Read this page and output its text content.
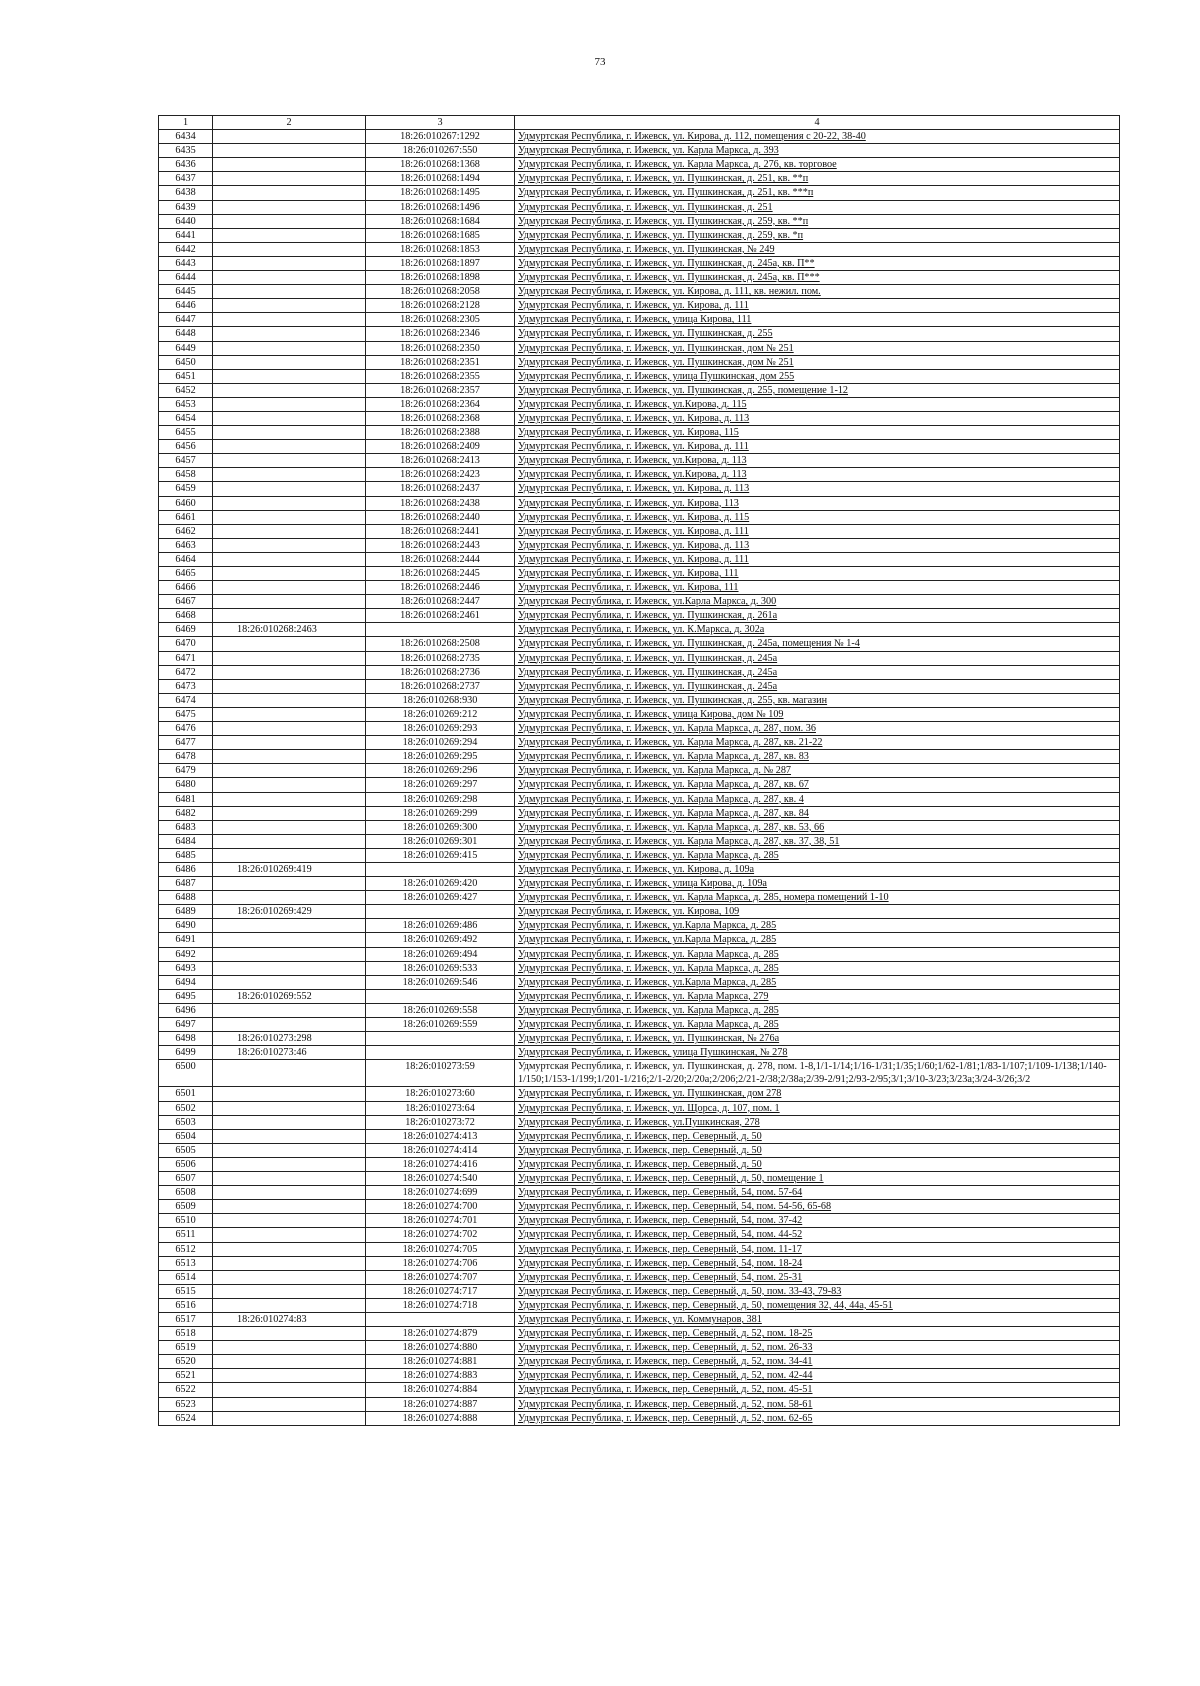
73
1	2	3	4
6434		18:26:010267:1292	Удмуртская Республика, г. Ижевск, ул. Кирова, д. 112, помещения с 20-22, 38-40
6435		18:26:010267:550	Удмуртская Республика, г. Ижевск, ул. Карла Маркса, д. 393
6436		18:26:010268:1368	Удмуртская Республика, г. Ижевск, ул. Карла Маркса, д. 276, кв. торговое
6437		18:26:010268:1494	Удмуртская Республика, г. Ижевск, ул. Пушкинская, д. 251, кв. **п
6438		18:26:010268:1495	Удмуртская Республика, г. Ижевск, ул. Пушкинская, д. 251, кв. ***п
6439		18:26:010268:1496	Удмуртская Республика, г. Ижевск, ул. Пушкинская, д. 251
6440		18:26:010268:1684	Удмуртская Республика, г. Ижевск, ул. Пушкинская, д. 259, кв. **п
6441		18:26:010268:1685	Удмуртская Республика, г. Ижевск, ул. Пушкинская, д. 259, кв. *п
6442		18:26:010268:1853	Удмуртская Республика, г. Ижевск, ул. Пушкинская, № 249
6443		18:26:010268:1897	Удмуртская Республика, г. Ижевск, ул. Пушкинская, д. 245а, кв. П**
6444		18:26:010268:1898	Удмуртская Республика, г. Ижевск, ул. Пушкинская, д. 245а, кв. П***
6445		18:26:010268:2058	Удмуртская Республика, г. Ижевск, ул. Кирова, д. 111, кв. нежил. пом.
6446		18:26:010268:2128	Удмуртская Республика, г. Ижевск, ул. Кирова, д. 111
6447		18:26:010268:2305	Удмуртская Республика, г. Ижевск, улица Кирова, 111
6448		18:26:010268:2346	Удмуртская Республика, г. Ижевск, ул. Пушкинская, д. 255
6449		18:26:010268:2350	Удмуртская Республика, г. Ижевск, ул. Пушкинская, дом № 251
6450		18:26:010268:2351	Удмуртская Республика, г. Ижевск, ул. Пушкинская, дом № 251
6451		18:26:010268:2355	Удмуртская Республика, г. Ижевск, улица Пушкинская, дом 255
6452		18:26:010268:2357	Удмуртская Республика, г. Ижевск, ул. Пушкинская, д. 255, помещение 1-12
6453		18:26:010268:2364	Удмуртская Республика, г. Ижевск, ул.Кирова, д. 115
6454		18:26:010268:2368	Удмуртская Республика, г. Ижевск, ул. Кирова, д. 113
6455		18:26:010268:2388	Удмуртская Республика, г. Ижевск, ул. Кирова, 115
6456		18:26:010268:2409	Удмуртская Республика, г. Ижевск, ул. Кирова, д. 111
6457		18:26:010268:2413	Удмуртская Республика, г. Ижевск, ул.Кирова, д. 113
6458		18:26:010268:2423	Удмуртская Республика, г. Ижевск, ул.Кирова, д. 113
6459		18:26:010268:2437	Удмуртская Республика, г. Ижевск, ул. Кирова, д. 113
6460		18:26:010268:2438	Удмуртская Республика, г. Ижевск, ул. Кирова, 113
6461		18:26:010268:2440	Удмуртская Республика, г. Ижевск, ул. Кирова, д. 115
6462		18:26:010268:2441	Удмуртская Республика, г. Ижевск, ул. Кирова, д. 111
6463		18:26:010268:2443	Удмуртская Республика, г. Ижевск, ул. Кирова, д. 113
6464		18:26:010268:2444	Удмуртская Республика, г. Ижевск, ул. Кирова, д. 111
6465		18:26:010268:2445	Удмуртская Республика, г. Ижевск, ул. Кирова, 111
6466		18:26:010268:2446	Удмуртская Республика, г. Ижевск, ул. Кирова, 111
6467		18:26:010268:2447	Удмуртская Республика, г. Ижевск, ул.Карла Маркса, д. 300
6468		18:26:010268:2461	Удмуртская Республика, г. Ижевск, ул. Пушкинская, д. 261а
6469	18:26:010268:2463		Удмуртская Республика, г. Ижевск, ул. К.Маркса, д. 302а
6470		18:26:010268:2508	Удмуртская Республика, г. Ижевск, ул. Пушкинская, д. 245а, помещения № 1-4
6471		18:26:010268:2735	Удмуртская Республика, г. Ижевск, ул. Пушкинская, д. 245а
6472		18:26:010268:2736	Удмуртская Республика, г. Ижевск, ул. Пушкинская, д. 245а
6473		18:26:010268:2737	Удмуртская Республика, г. Ижевск, ул. Пушкинская, д. 245а
6474		18:26:010268:930	Удмуртская Республика, г. Ижевск, ул. Пушкинская, д. 255, кв. магазин
6475		18:26:010269:212	Удмуртская Республика, г. Ижевск, улица Кирова, дом № 109
6476		18:26:010269:293	Удмуртская Республика, г. Ижевск, ул. Карла Маркса, д. 287, пом. 36
6477		18:26:010269:294	Удмуртская Республика, г. Ижевск, ул. Карла Маркса, д. 287, кв. 21-22
6478		18:26:010269:295	Удмуртская Республика, г. Ижевск, ул. Карла Маркса, д. 287, кв. 83
6479		18:26:010269:296	Удмуртская Республика, г. Ижевск, ул. Карла Маркса, д. № 287
6480		18:26:010269:297	Удмуртская Республика, г. Ижевск, ул. Карла Маркса, д. 287, кв. 67
6481		18:26:010269:298	Удмуртская Республика, г. Ижевск, ул. Карла Маркса, д. 287, кв. 4
6482		18:26:010269:299	Удмуртская Республика, г. Ижевск, ул. Карла Маркса, д. 287, кв. 84
6483		18:26:010269:300	Удмуртская Республика, г. Ижевск, ул. Карла Маркса, д. 287, кв. 53, 66
6484		18:26:010269:301	Удмуртская Республика, г. Ижевск, ул. Карла Маркса, д. 287, кв. 37, 38, 51
6485		18:26:010269:415	Удмуртская Республика, г. Ижевск, ул. Карла Маркса, д. 285
6486	18:26:010269:419		Удмуртская Республика, г. Ижевск, ул. Кирова, д. 109а
6487		18:26:010269:420	Удмуртская Республика, г. Ижевск, улица Кирова, д. 109а
6488		18:26:010269:427	Удмуртская Республика, г. Ижевск, ул. Карла Маркса, д. 285, номера помещений 1-10
6489	18:26:010269:429		Удмуртская Республика, г. Ижевск, ул. Кирова, 109
6490		18:26:010269:486	Удмуртская Республика, г. Ижевск, ул.Карла Маркса, д. 285
6491		18:26:010269:492	Удмуртская Республика, г. Ижевск, ул.Карла Маркса, д. 285
6492		18:26:010269:494	Удмуртская Республика, г. Ижевск, ул. Карла Маркса, д. 285
6493		18:26:010269:533	Удмуртская Республика, г. Ижевск, ул. Карла Маркса, д. 285
6494		18:26:010269:546	Удмуртская Республика, г. Ижевск, ул.Карла Маркса, д. 285
6495	18:26:010269:552		Удмуртская Республика, г. Ижевск, ул. Карла Маркса, 279
6496		18:26:010269:558	Удмуртская Республика, г. Ижевск, ул. Карла Маркса, д. 285
6497		18:26:010269:559	Удмуртская Республика, г. Ижевск, ул. Карла Маркса, д. 285
6498	18:26:010273:298		Удмуртская Республика, г. Ижевск, ул. Пушкинская, № 276а
6499	18:26:010273:46		Удмуртская Республика, г. Ижевск, улица Пушкинская, № 278
6500		18:26:010273:59	Удмуртская Республика, г. Ижевск, ул. Пушкинская, д. 278, пом. 1-8,1/1-1/14;1/16-1/31;1/35;1/60;1/62-1/81;1/83-1/107;1/109-1/138;1/140-1/150;1/153-1/199;1/201-1/216;2/1-2/20;2/20а;2/206;2/21-2/38;2/38а;2/39-2/91;2/93-2/95;3/1;3/10-3/23;3/23а;3/24-3/26;3/2
6501		18:26:010273:60	Удмуртская Республика, г. Ижевск, ул. Пушкинская, дом 278
6502		18:26:010273:64	Удмуртская Республика, г. Ижевск, ул. Щорса, д. 107, пом. 1
6503		18:26:010273:72	Удмуртская Республика, г. Ижевск, ул.Пушкинская, 278
6504		18:26:010274:413	Удмуртская Республика, г. Ижевск, пер. Северный, д. 50
6505		18:26:010274:414	Удмуртская Республика, г. Ижевск, пер. Северный, д. 50
6506		18:26:010274:416	Удмуртская Республика, г. Ижевск, пер. Северный, д. 50
6507		18:26:010274:540	Удмуртская Республика, г. Ижевск, пер. Северный, д. 50, помещение 1
6508		18:26:010274:699	Удмуртская Республика, г. Ижевск, пер. Северный, 54, пом. 57-64
6509		18:26:010274:700	Удмуртская Республика, г. Ижевск, пер. Северный, 54, пом. 54-56, 65-68
6510		18:26:010274:701	Удмуртская Республика, г. Ижевск, пер. Северный, 54, пом. 37-42
6511		18:26:010274:702	Удмуртская Республика, г. Ижевск, пер. Северный, 54, пом. 44-52
6512		18:26:010274:705	Удмуртская Республика, г. Ижевск, пер. Северный, 54, пом. 11-17
6513		18:26:010274:706	Удмуртская Республика, г. Ижевск, пер. Северный, 54, пом. 18-24
6514		18:26:010274:707	Удмуртская Республика, г. Ижевск, пер. Северный, 54, пом. 25-31
6515		18:26:010274:717	Удмуртская Республика, г. Ижевск, пер. Северный, д. 50, пом. 33-43, 79-83
6516		18:26:010274:718	Удмуртская Республика, г. Ижевск, пер. Северный, д. 50, помещения 32, 44, 44а, 45-51
6517	18:26:010274:83		Удмуртская Республика, г. Ижевск, ул. Коммунаров, 381
6518		18:26:010274:879	Удмуртская Республика, г. Ижевск, пер. Северный, д. 52, пом. 18-25
6519		18:26:010274:880	Удмуртская Республика, г. Ижевск, пер. Северный, д. 52, пом. 26-33
6520		18:26:010274:881	Удмуртская Республика, г. Ижевск, пер. Северный, д. 52, пом. 34-41
6521		18:26:010274:883	Удмуртская Республика, г. Ижевск, пер. Северный, д. 52, пом. 42-44
6522		18:26:010274:884	Удмуртская Республика, г. Ижевск, пер. Северный, д. 52, пом. 45-51
6523		18:26:010274:887	Удмуртская Республика, г. Ижевск, пер. Северный, д. 52, пом. 58-61
6524		18:26:010274:888	Удмуртская Республика, г. Ижевск, пер. Северный, д. 52, пом. 62-65
